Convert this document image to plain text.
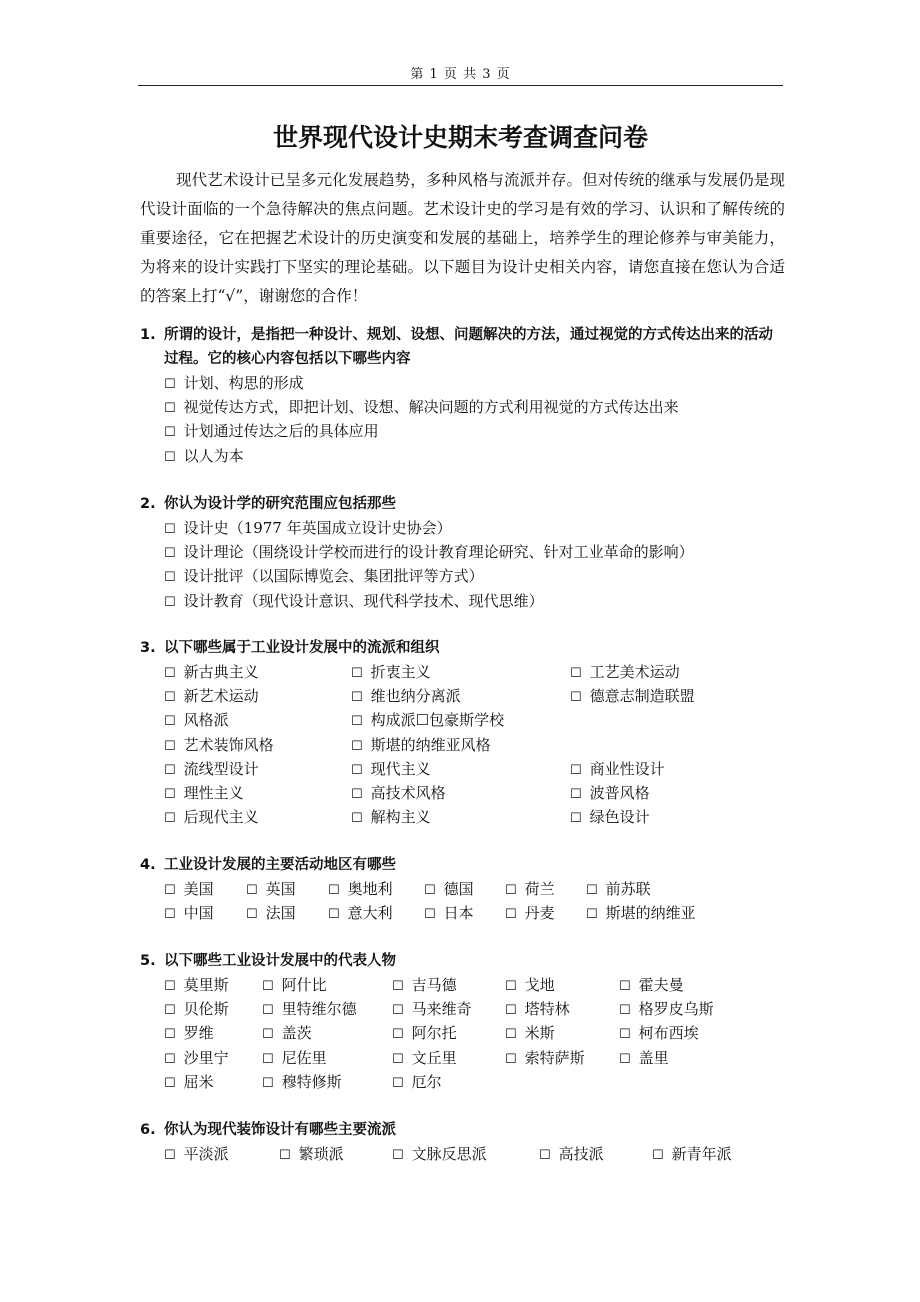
第 1 页 共 3 页
世界现代设计史期末考查调查问卷
现代艺术设计已呈多元化发展趋势，多种风格与流派并存。但对传统的继承与发展仍是现代设计面临的一个急待解决的焦点问题。艺术设计史的学习是有效的学习、认识和了解传统的重要途径，它在把握艺术设计的历史演变和发展的基础上，培养学生的理论修养与审美能力，为将来的设计实践打下坚实的理论基础。以下题目为设计史相关内容，请您直接在您认为合适的答案上打“√”，谢谢您的合作！
1. 所谓的设计，是指把一种设计、规划、设想、问题解决的方法，通过视觉的方式传达出来的活动过程。它的核心内容包括以下哪些内容
☐ 计划、构思的形成
☐ 视觉传达方式，即把计划、设想、解决问题的方式利用视觉的方式传达出来
☐ 计划通过传达之后的具体应用
☐ 以人为本
2. 你认为设计学的研究范围应包括那些
☐ 设计史（1977 年英国成立设计史协会）
☐ 设计理论（围绕设计学校而进行的设计教育理论研究、针对工业革命的影响）
☐ 设计批评（以国际博览会、集团批评等方式）
☐ 设计教育（现代设计意识、现代科学技术、现代思维）
3. 以下哪些属于工业设计发展中的流派和组织
☐ 新古典主义	☐ 折衷主义	☐ 工艺美术运动
☐ 新艺术运动	☐ 维也纳分离派	☐ 德意志制造联盟
☐ 风格派	☐ 构成派☐包豪斯学校
☐ 艺术装饰风格	☐ 斯堪的纳维亚风格
☐ 流线型设计	☐ 现代主义	☐ 商业性设计
☐ 理性主义	☐ 高技术风格	☐ 波普风格
☐ 后现代主义	☐ 解构主义	☐ 绿色设计
4. 工业设计发展的主要活动地区有哪些
☐ 美国 ☐ 英国 ☐ 奥地利 ☐ 德国 ☐ 荷兰 ☐ 前苏联
☐ 中国 ☐ 法国 ☐ 意大利 ☐ 日本 ☐ 丹麦 ☐ 斯堪的纳维亚
5. 以下哪些工业设计发展中的代表人物
☐ 莫里斯	☐ 阿什比	☐ 吉马德	☐ 戈地	☐ 霍夫曼
☐ 贝伦斯	☐ 里特维尔德	☐ 马来维奇	☐ 塔特林	☐ 格罗皮乌斯
☐ 罗维	☐ 盖茨	☐ 阿尔托	☐ 米斯	☐ 柯布西埃
☐ 沙里宁	☐ 尼佐里	☐ 文丘里	☐ 索特萨斯	☐ 盖里
☐ 屈米	☐ 穆特修斯	☐ 厄尔
6. 你认为现代装饰设计有哪些主要流派
☐ 平淡派	☐ 繁琐派	☐ 文脉反思派	☐ 高技派	☐ 新青年派
